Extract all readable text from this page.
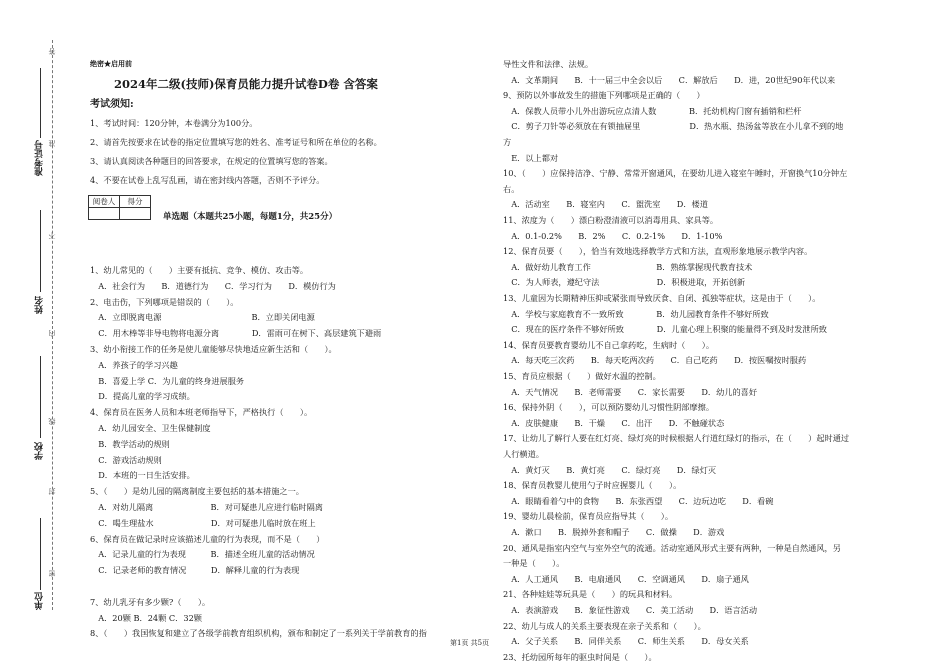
答
准
不
内
线
封
密
准考证号
姓名
学校
单位
绝密★启用前
2024年二级(技师)保育员能力提升试卷D卷 含答案
考试须知:
1、考试时间：120分钟，本卷满分为100分。
2、请首先按要求在试卷的指定位置填写您的姓名、准考证号和所在单位的名称。
3、请认真阅读各种题目的回答要求，在规定的位置填写您的答案。
4、不要在试卷上乱写乱画，请在密封线内答题，否则不予评分。
阅卷人	得分

单选题（本题共25小题，每题1分，共25分）
1、幼儿常见的（　　）主要有抵抗、竞争、模仿、攻击等。
　A．社会行为　　B．道德行为　　C．学习行为　　D．模仿行为
2、电击伤，下列哪项是错误的（　　）。
　A．立即脱离电源　　　　　　　　　　　B．立即关闭电源
　C．用木棒等非导电物将电源分离　　　　D．雷雨可在树下、高层建筑下避雨
3、幼小衔接工作的任务是使儿童能够尽快地适应新生活和（　　）。
　A．养孩子的学习兴趣
　B．喜爱上学 C．为儿童的终身进展服务
　D．提高儿童的学习成绩。
4、保育员在医务人员和本班老师指导下，严格执行（　　）。
　A．幼儿园安全、卫生保健制度
　B．教学活动的规则
　C．游戏活动规则
　D．本班的一日生活安排。
5、（　　）是幼儿园的隔离制度主要包括的基本措施之一。
　A．对幼儿隔离　　　　　　　B．对可疑患儿应进行临时隔离
　C．喝生理盐水　　　　　　　D．对可疑患儿临时放在班上
6、保育员在做记录时应该描述儿童的行为表现，而不是（　　）
　A．记录儿童的行为表现　　　B．描述全班儿童的活动情况
　C．记录老师的教育情况　　　D．解释儿童的行为表现
7、幼儿乳牙有多少颗?（　　）。
　A．20颗 B．24颗 C．32颗
8、（　　）我国恢复和建立了各级学前教育组织机构，颁布和制定了一系列关于学前教育的指
导性文件和法律、法规。
　A．文革期间　　B．十一届三中全会以后　　C．解放后　　D．进，20世纪90年代以来
9、预防以外事故发生的措施下列哪项是正确的（　　）
　A．保教人员带小儿外出游玩应点清人数　　　　B．托幼机构门窗有插销和栏杆
　C．剪子刀针等必须放在有锁抽屉里　　　　　　D．热水瓶、热汤盆等放在小儿拿不到的地
方
　E．以上都对
10、（　　）应保持洁净、宁静、常常开窗通风，在要幼儿进入寝室午睡时，开窗换气10分钟左
右。
　A．活动室　　B．寝室内　　C．盥洗室　　D．楼道
11、浓度为（　　）漂白粉澄清液可以消毒用具、家具等。
　A．0.1-0.2%　　B．2%　　C．0.2-1%　　D．1-10%
12、保育员要（　　），恰当有效地选择教学方式和方法，直观形象地展示教学内容。
　A．做好幼儿教育工作　　　　　　　　B．熟练掌握现代教育技术
　C．为人师表，遵纪守法　　　　　　　D．积极进取，开拓创新
13、儿童因为长期精神压抑或紧张而导致厌食、自闭、孤独等症状，这是由于（　　）。
　A．学校与家庭教育不一致所致　　　　B．幼儿园教育条件不够好所致
　C．现在的医疗条件不够好所致　　　　D．儿童心理上积聚的能量得不到及时发泄所致
14、保育员要教育婴幼儿不自己拿药吃，生病时（　　）。
　A．每天吃三次药　　B．每天吃两次药　　C．自己吃药　　D．按医嘱按时服药
15、育员应根据（　　）做好水温的控制。
　A．天气情况　　B．老师需要　　C．家长需要　　D．幼儿的喜好
16、保持外阴（　　），可以预防婴幼儿习惯性阴部摩擦。
　A．皮肤健康　　B．干燥　　C．出汗　　D．不触碰状态
17、让幼儿了解行人要在红灯亮、绿灯亮的时候根据人行道红绿灯的指示，在（　　）起时通过
人行横道。
　A．黄灯灭　　B．黄灯亮　　C．绿灯亮　　D．绿灯灭
18、保育员教婴儿使用勺子时应握婴儿（　　）。
　A．眼睛看着勺中的食物　　B．东张西望　　C．边玩边吃　　D．看碗
19、婴幼儿晨检前，保育员应指导其（　　）。
　A．漱口　　B．脱掉外套和帽子　　C．做操　　D．游戏
20、通风是指室内空气与室外空气的流通。活动室通风形式主要有两种，一种是自然通风，另
一种是（　　）。
　A．人工通风　　B．电扇通风　　C．空调通风　　D．扇子通风
21、各种娃娃等玩具是（　　）的玩具和材料。
　A．表演游戏　　B．象征性游戏　　C．美工活动　　D．语言活动
22、幼儿与成人的关系主要表现在亲子关系和（　　）。
　A．父子关系　　B．同伴关系　　C．师生关系　　D．母女关系
23、托幼园所每年的驱虫时间是（　　）。
第1页 共5页
